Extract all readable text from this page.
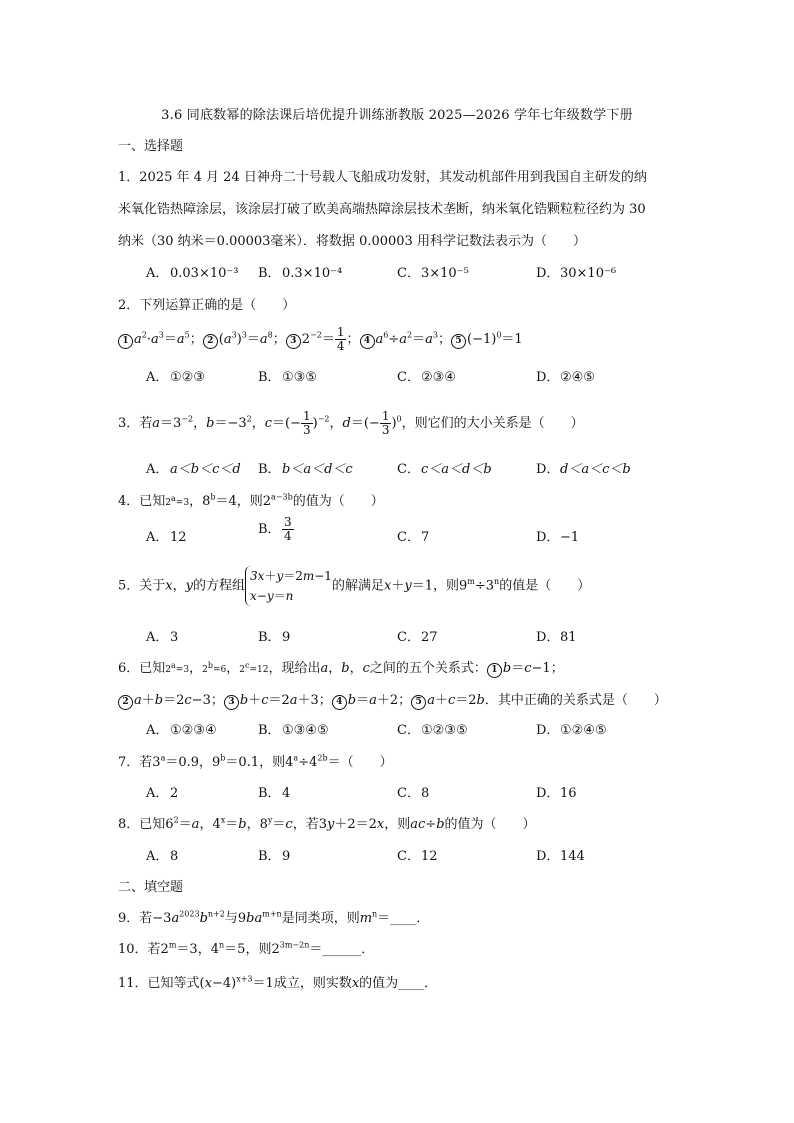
3.6 同底数幂的除法课后培优提升训练浙教版 2025—2026 学年七年级数学下册
一、选择题
1．2025 年 4 月 24 日神舟二十号载人飞船成功发射，其发动机部件用到我国自主研发的纳
米氧化锆热障涂层，该涂层打破了欧美高端热障涂层技术垄断，纳米氧化锆颗粒粒径约为 30
纳米（30 纳米＝0.00003毫米）．将数据 0.00003 用科学记数法表示为（　　）
A． 0.03×10⁻³ B．0.3×10⁻⁴	C．3×10⁻⁵	D．30×10⁻⁶
2．下列运算正确的是（　　）
1 $a^2\cdot a^3=a^5$； 2 $(a^3)^3=a^8$； 3 $2^{-2}= \frac{1}{4}$ ； 4 $a^6\div a^2=a^3$； 5 $(-1)^0=1$
A． ①②③	B．①③⑤	C．②③④	D．②④⑤
3．若$a=3^{-2}$，$b=-3^2$，$c=(- \frac{1}{3} )^{-2}$，$d=(- \frac{1}{3} )^0$，则它们的大小关系是（　　）
A． a＜b＜c＜d B．b＜a＜d＜c	C．c＜a＜d＜b	D．d＜a＜c＜b
4．已知$2^a=3$，$8^b=4$，则$2^{a-3b}$的值为（　　）
A． 12
B． $\frac{3}{4}$	C．7	D．−1
5．关于x，y的方程组3x＋y＝2m−1
x−y＝n的解满足x＋y＝1，则$9^m\div 3^n$的值是（　　）
A． 3	B．9	C．27	D．81
6．已知$2^a=3$，$2^b=6$，$2^c=12$，现给出a，b，c之间的五个关系式： 1 b＝c−1；
2 a＋b＝2c−3； 3 b＋c＝2a＋3； 4 b＝a＋2； 5 a＋c＝2b．其中正确的关系式是（　　）
A． ①②③④	B．①③④⑤	C．①②③⑤	D．①②④⑤
7．若$3^a=0.9$，$9^b=0.1$，则$4^a\div 4^{2b}=$（　　）
A． 2	B．4	C．8	D．16
8．已知$6^2=a$，$4^x=b$，$8^y=c$，若3y＋2＝2x，则ac÷b的值为（　　）
A． 8	B．9	C．12	D．144
二、填空题
9．若$-3a^{2023}b^{n+2}$与$9ba^{m+n}$是同类项，则$m^n=\_\_\_\_$．
10．若$2^m=3$，$4^n=5$，则$2^{3m-2n}=\_\_\_\_\_\_$．
11．已知等式$(x-4)^{x+3}=1$成立，则实数x的值为____．
